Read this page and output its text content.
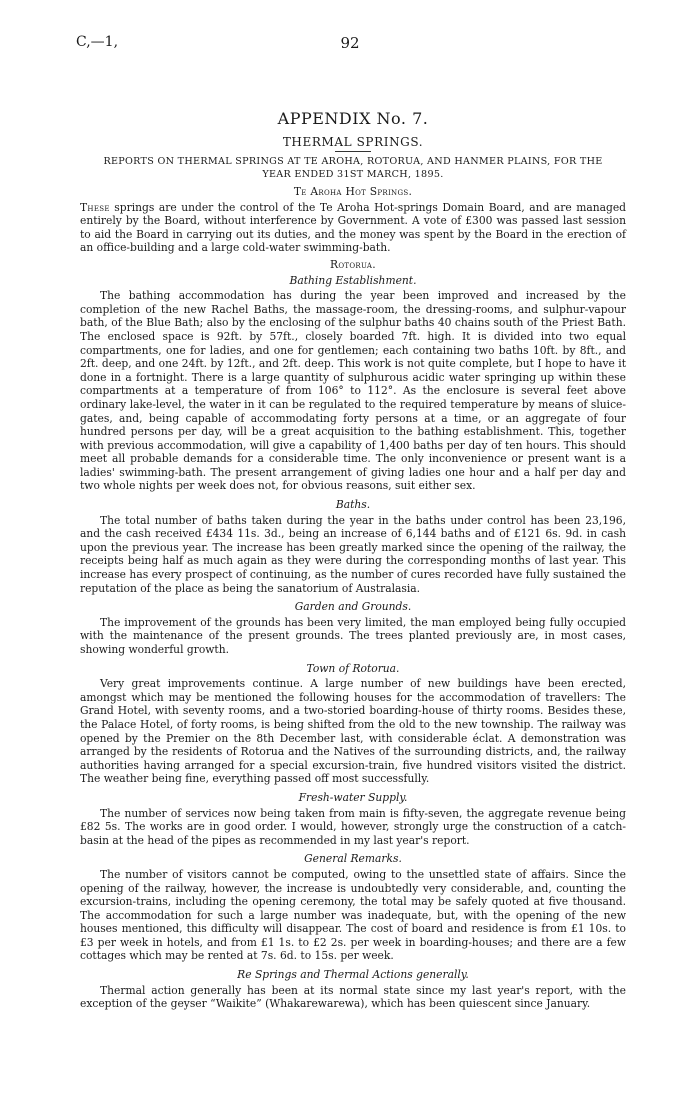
C,—1,	92
APPENDIX No. 7.
THERMAL SPRINGS.
REPORTS ON THERMAL SPRINGS AT TE AROHA, ROTORUA, AND HANMER PLAINS, FOR THE YEAR ENDED 31ST MARCH, 1895.
Te Aroha Hot Springs.

These springs are under the control of the Te Aroha Hot-springs Domain Board, and are managed entirely by the Board, without interference by Government. A vote of £300 was passed last session to aid the Board in carrying out its duties, and the money was spent by the Board in the erection of an office-building and a large cold-water swimming-bath.

Rotorua.
Bathing Establishment.

The bathing accommodation has during the year been improved and increased by the completion of the new Rachel Baths, the massage-room, the dressing-rooms, and sulphur-vapour bath, of the Blue Bath; also by the enclosing of the sulphur baths 40 chains south of the Priest Bath. The enclosed space is 92ft. by 57ft., closely boarded 7ft. high. It is divided into two equal compartments, one for ladies, and one for gentlemen; each containing two baths 10ft. by 8ft., and 2ft. deep, and one 24ft. by 12ft., and 2ft. deep. This work is not quite complete, but I hope to have it done in a fortnight. There is a large quantity of sulphurous acidic water springing up within these compartments at a temperature of from 106° to 112°. As the enclosure is several feet above ordinary lake-level, the water in it can be regulated to the required temperature by means of sluice-gates, and, being capable of accommodating forty persons at a time, or an aggregate of four hundred persons per day, will be a great acquisition to the bathing establishment. This, together with previous accommodation, will give a capability of 1,400 baths per day of ten hours. This should meet all probable demands for a considerable time. The only inconvenience or present want is a ladies' swimming-bath. The present arrangement of giving ladies one hour and a half per day and two whole nights per week does not, for obvious reasons, suit either sex.

Baths.

The total number of baths taken during the year in the baths under control has been 23,196, and the cash received £434 11s. 3d., being an increase of 6,144 baths and of £121 6s. 9d. in cash upon the previous year. The increase has been greatly marked since the opening of the railway, the receipts being half as much again as they were during the corresponding months of last year. This increase has every prospect of continuing, as the number of cures recorded have fully sustained the reputation of the place as being the sanatorium of Australasia.

Garden and Grounds.

The improvement of the grounds has been very limited, the man employed being fully occupied with the maintenance of the present grounds. The trees planted previously are, in most cases, showing wonderful growth.

Town of Rotorua.

Very great improvements continue. A large number of new buildings have been erected, amongst which may be mentioned the following houses for the accommodation of travellers: The Grand Hotel, with seventy rooms, and a two-storied boarding-house of thirty rooms. Besides these, the Palace Hotel, of forty rooms, is being shifted from the old to the new township. The railway was opened by the Premier on the 8th December last, with considerable éclat. A demonstration was arranged by the residents of Rotorua and the Natives of the surrounding districts, and, the railway authorities having arranged for a special excursion-train, five hundred visitors visited the district. The weather being fine, everything passed off most successfully.

Fresh-water Supply.

The number of services now being taken from main is fifty-seven, the aggregate revenue being £82 5s. The works are in good order. I would, however, strongly urge the construction of a catch-basin at the head of the pipes as recommended in my last year's report.

General Remarks.

The number of visitors cannot be computed, owing to the unsettled state of affairs. Since the opening of the railway, however, the increase is undoubtedly very considerable, and, counting the excursion-trains, including the opening ceremony, the total may be safely quoted at five thousand. The accommodation for such a large number was inadequate, but, with the opening of the new houses mentioned, this difficulty will disappear. The cost of board and residence is from £1 10s. to £3 per week in hotels, and from £1 1s. to £2 2s. per week in boarding-houses; and there are a few cottages which may be rented at 7s. 6d. to 15s. per week.

Re Springs and Thermal Actions generally.

Thermal action generally has been at its normal state since my last year's report, with the exception of the geyser “Waikite” (Whakarewarewa), which has been quiescent since January.
